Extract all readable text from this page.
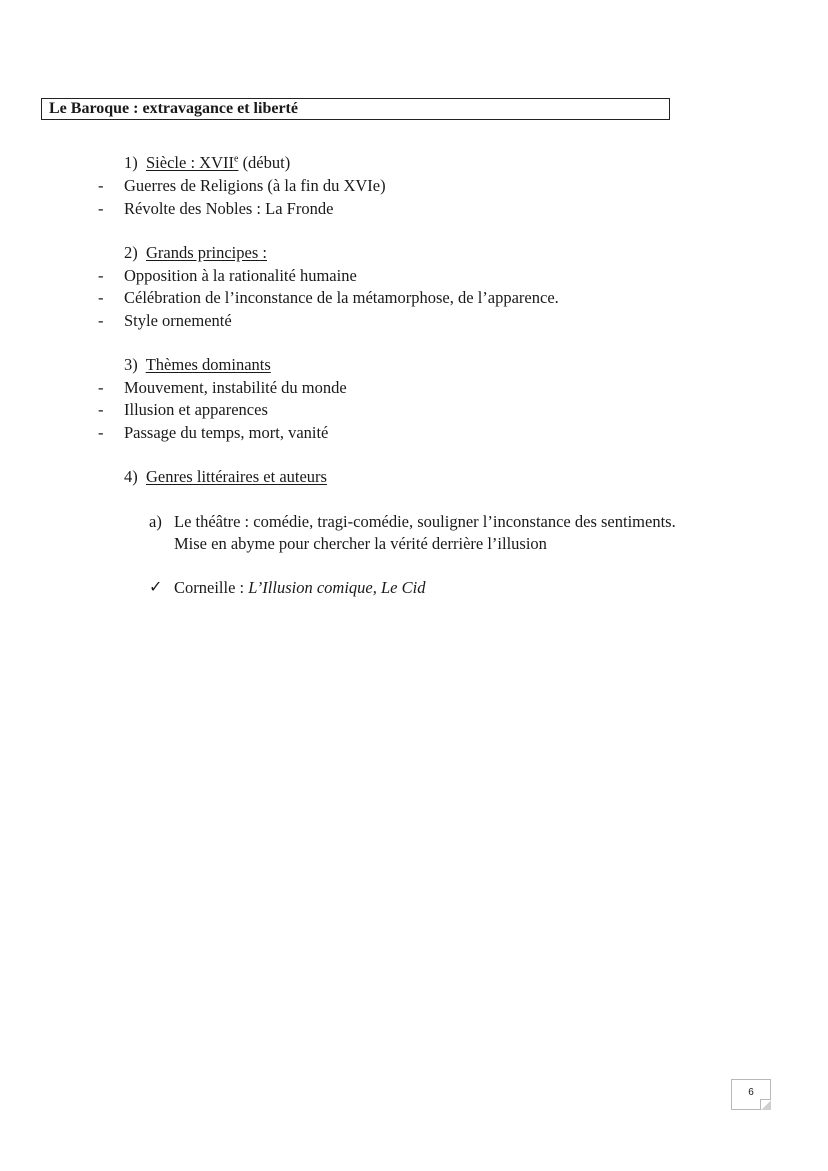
Le Baroque : extravagance et liberté
1) Siècle : XVIIe (début)
- Guerres de Religions (à la fin du XVIe)
- Révolte des Nobles : La Fronde
2) Grands principes :
- Opposition à la rationalité humaine
- Célébration de l’inconstance de la métamorphose, de l’apparence.
- Style ornementé
3) Thèmes dominants
- Mouvement, instabilité du monde
- Illusion et apparences
- Passage du temps, mort, vanité
4) Genres littéraires et auteurs
a) Le théâtre : comédie, tragi-comédie, souligner l’inconstance des sentiments.
Mise en abyme pour chercher la vérité derrière l’illusion
✓ Corneille : L’Illusion comique, Le Cid
6
